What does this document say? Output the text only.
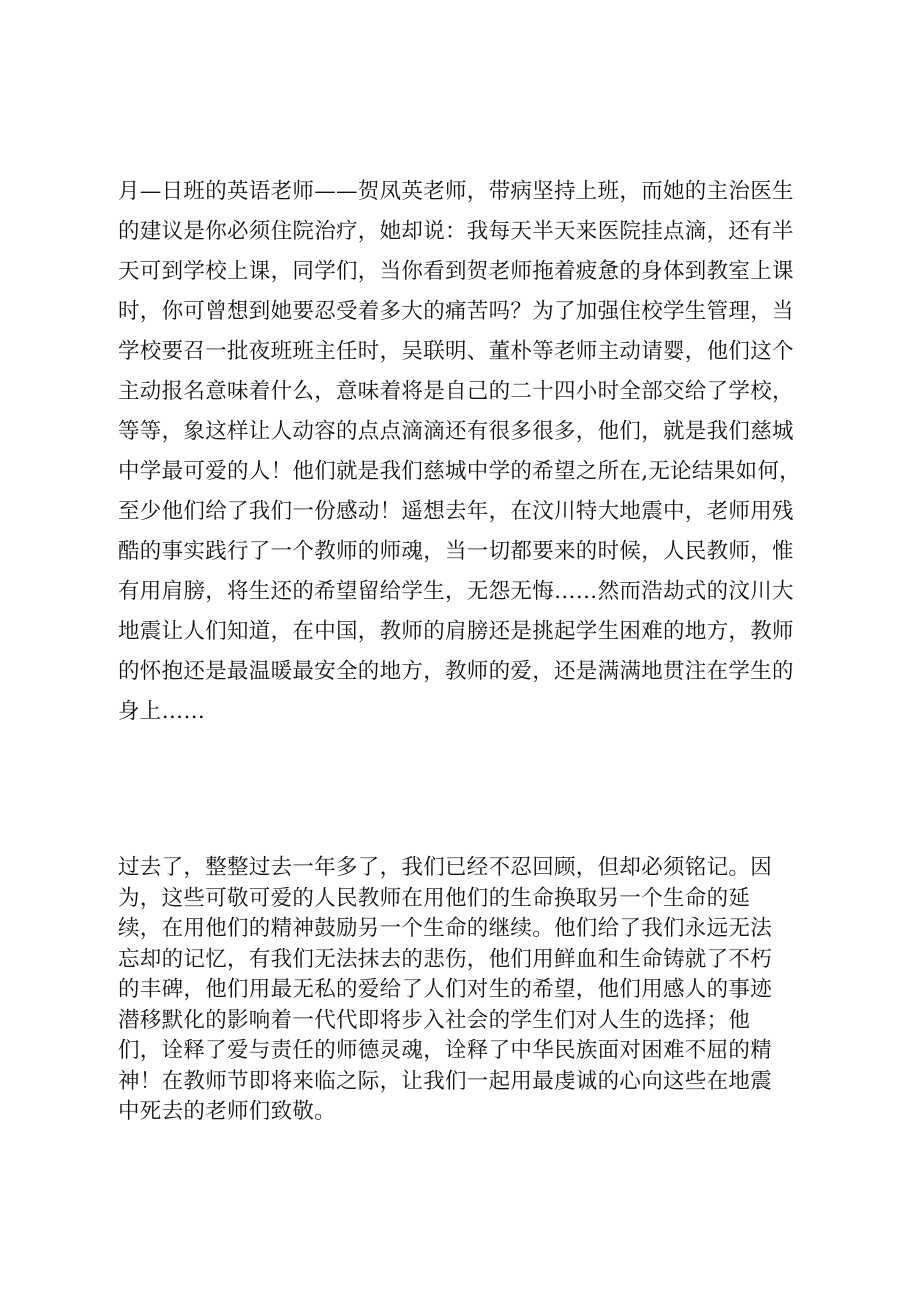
月—日班的英语老师——贺凤英老师，带病坚持上班，而她的主治医生
的建议是你必须住院治疗，她却说：我每天半天来医院挂点滴，还有半
天可到学校上课，同学们，当你看到贺老师拖着疲惫的身体到教室上课
时，你可曾想到她要忍受着多大的痛苦吗？为了加强住校学生管理，当
学校要召一批夜班班主任时，吴联明、董朴等老师主动请婴，他们这个
主动报名意味着什么，意味着将是自己的二十四小时全部交给了学校，
等等，象这样让人动容的点点滴滴还有很多很多，他们，就是我们慈城
中学最可爱的人！他们就是我们慈城中学的希望之所在,无论结果如何，
至少他们给了我们一份感动！遥想去年，在汶川特大地震中，老师用残
酷的事实践行了一个教师的师魂，当一切都要来的时候，人民教师，惟
有用肩膀，将生还的希望留给学生，无怨无悔……然而浩劫式的汶川大
地震让人们知道，在中国，教师的肩膀还是挑起学生困难的地方，教师
的怀抱还是最温暖最安全的地方，教师的爱，还是满满地贯注在学生的
身上……
过去了，整整过去一年多了，我们已经不忍回顾，但却必须铭记。因
为，这些可敬可爱的人民教师在用他们的生命换取另一个生命的延
续，在用他们的精神鼓励另一个生命的继续。他们给了我们永远无法
忘却的记忆，有我们无法抹去的悲伤，他们用鲜血和生命铸就了不朽
的丰碑，他们用最无私的爱给了人们对生的希望，他们用感人的事迹
潜移默化的影响着一代代即将步入社会的学生们对人生的选择；他
们，诠释了爱与责任的师德灵魂，诠释了中华民族面对困难不屈的精
神！在教师节即将来临之际，让我们一起用最虔诚的心向这些在地震
中死去的老师们致敬。
